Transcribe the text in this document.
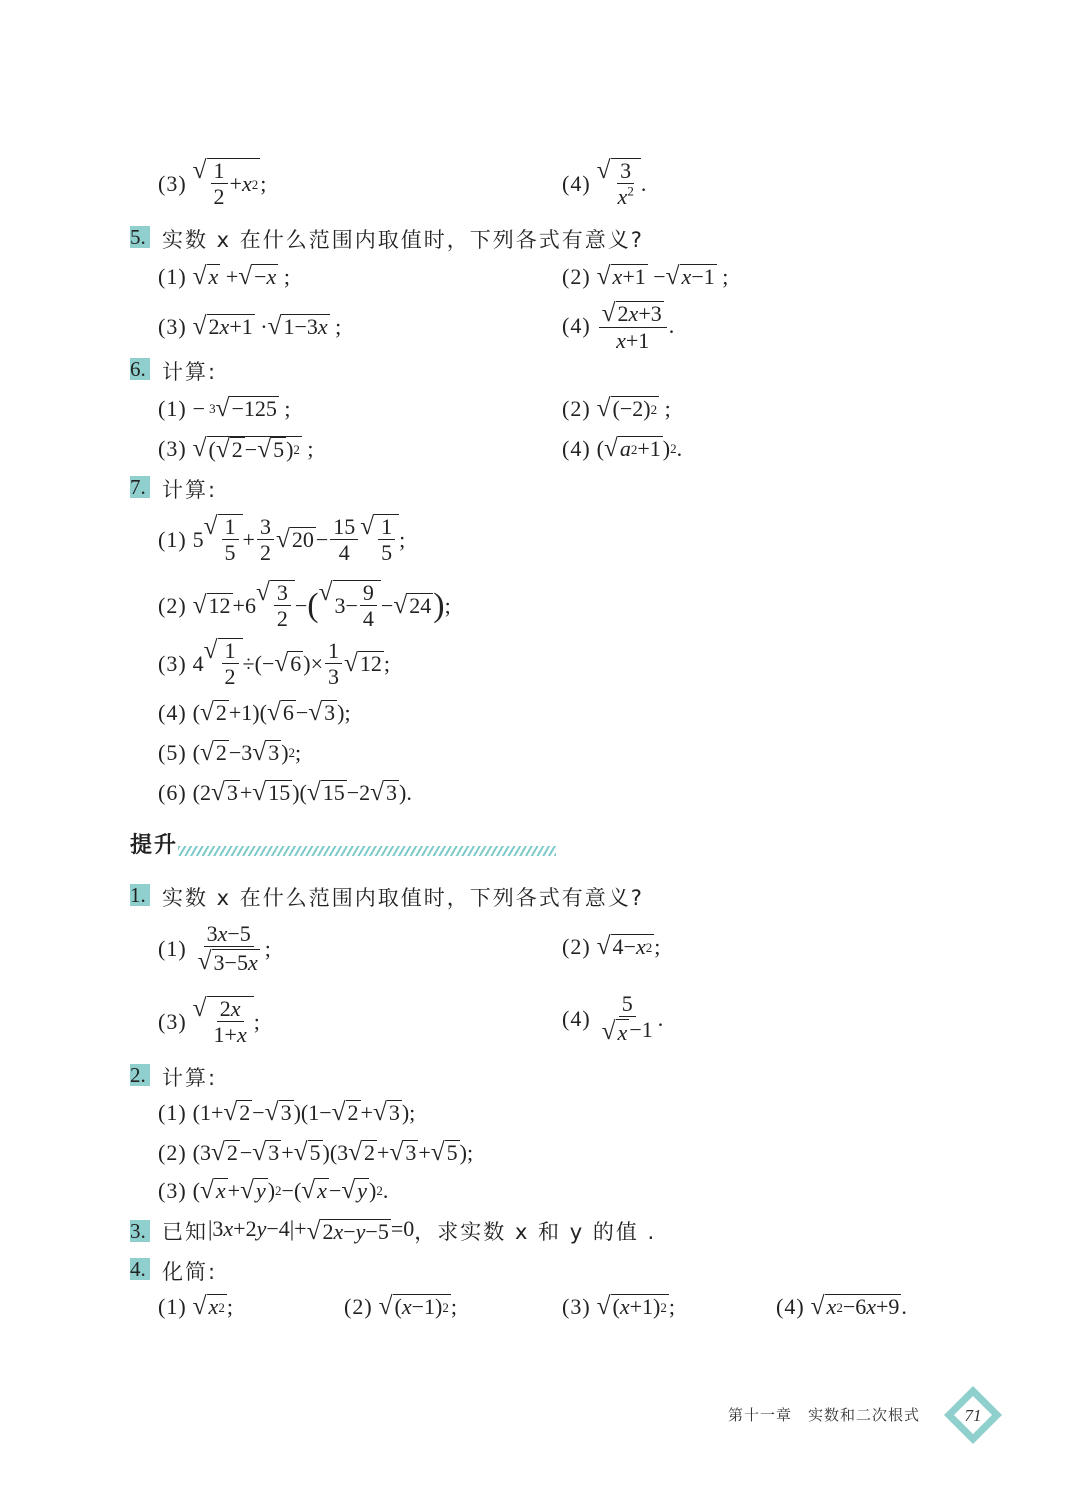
(3) √ 1
2
+ x 2 ;	(4) √ 3
$x^2$ .
5. 实数 x 在什么范围内取值时，下列各式有意义?
(1) √ x + √ − x ;	(2) √ x +1 − √ x −1 ;
(3) √ 2 x +1 · √ 1−3 x ;	(4) √ 2 x +3
x+1
.
6. 计算:
(1) − 3 √ −125 ;	(2) √ (−2) 2 ;
(3) √ ( √ 2 − √ 5 ) 2 ;	(4) ( √ a 2 +1 ) 2 .
7. 计算:
(1) 5 √ 1
5
+
3
2 √ 20 −
15
4
√ 1
5
;
(2) √ 12 +6 √ 3
2
− ( √ 3−
9
4
− √ 24 ) ;
(3) 4 √ 1
2
÷(− √ 6 )×
1
3 √ 12 ;
(4) ( √ 2 +1)( √ 6 − √ 3 );
(5) ( √ 2 −3 √ 3 ) 2 ;
(6) (2 √ 3 + √ 15 )( √ 15 −2 √ 3 ).
提升
1. 实数 x 在什么范围内取值时，下列各式有意义?
(1)
3x−5
√ 3−5 x
;	(2) √ 4− x 2 ;
(3) √ 2x
1+x
;	(4)
5
√ x −1 .
2. 计算:
(1) (1+ √ 2 − √ 3 )(1− √ 2 + √ 3 );
(2) (3 √ 2 − √ 3 + √ 5 )(3 √ 2 + √ 3 + √ 5 );
(3) ( √ x + √ y ) 2 −( √ x − √ y ) 2 .
3. 已知 |3x+2y−4|+ √ 2 x − y −5 =0 ，求实数 x 和 y 的值 .
4. 化简:
(1) √ x 2 ;	(2) √ ( x −1) 2 ;	(3) √ ( x +1) 2 ;	(4) √ x 2 −6 x +9 .
第十一章　实数和二次根式	71
